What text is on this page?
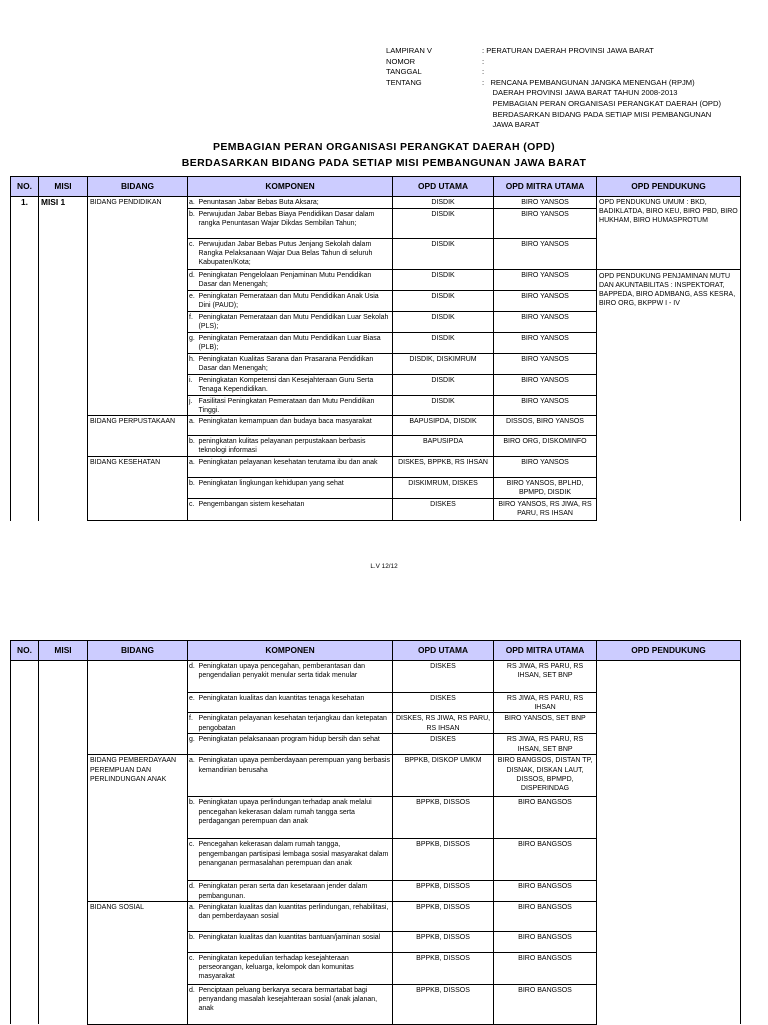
LAMPIRAN V	: PERATURAN DAERAH PROVINSI JAWA BARAT
NOMOR	:
TANGGAL	:
TENTANG	:   RENCANA PEMBANGUNAN JANGKA MENENGAH (RPJM)
DAERAH PROVINSI JAWA BARAT TAHUN 2008-2013
PEMBAGIAN PERAN ORGANISASI PERANGKAT DAERAH (OPD)
BERDASARKAN BIDANG PADA SETIAP MISI PEMBANGUNAN
JAWA BARAT
PEMBAGIAN PERAN ORGANISASI PERANGKAT DAERAH (OPD)
BERDASARKAN BIDANG PADA SETIAP MISI PEMBANGUNAN JAWA BARAT
NO.	MISI	BIDANG	KOMPONEN		OPD UTAMA	OPD MITRA UTAMA	OPD PENDUKUNG
1.	MISI 1	BIDANG PENDIDIKAN	a.	Penuntasan Jabar Bebas Buta Aksara;	DISDIK	BIRO YANSOS	OPD PENDUKUNG UMUM : BKD, BADIKLATDA, BIRO KEU, BIRO PBD, BIRO HUKHAM, BIRO HUMASPROTUM
			b.	Perwujudan Jabar Bebas Biaya Pendidikan Dasar dalam rangka Penuntasan Wajar Dikdas Sembilan Tahun;	DISDIK	BIRO YANSOS	
			c.	Perwujudan Jabar Bebas Putus Jenjang Sekolah dalam Rangka Pelaksanaan Wajar Dua Belas Tahun di seluruh Kabupaten/Kota;	DISDIK	BIRO YANSOS	
			d.	Peningkatan Pengelolaan Penjaminan Mutu Pendidikan Dasar dan Menengah;	DISDIK	BIRO YANSOS	OPD PENDUKUNG PENJAMINAN MUTU DAN AKUNTABILITAS : INSPEKTORAT, BAPPEDA, BIRO ADMBANG, ASS KESRA, BIRO ORG, BKPPW I - IV
			e.	Peningkatan Pemerataan dan Mutu Pendidikan Anak Usia Dini (PAUD);	DISDIK	BIRO YANSOS	
			f.	Peningkatan Pemerataan dan Mutu Pendidikan Luar Sekolah (PLS);	DISDIK	BIRO YANSOS	
			g.	Peningkatan Pemerataan dan Mutu Pendidikan Luar Biasa (PLB);	DISDIK	BIRO YANSOS	
			h.	Peningkatan Kualitas Sarana dan Prasarana Pendidikan Dasar dan Menengah;	DISDIK, DISKIMRUM	BIRO YANSOS	
			i.	Peningkatan Kompetensi dan Kesejahteraan Guru Serta Tenaga Kependidikan.	DISDIK	BIRO YANSOS	
			j.	Fasilitasi Peningkatan Pemerataan dan Mutu Pendidikan Tinggi.	DISDIK	BIRO YANSOS	
		BIDANG PERPUSTAKAAN	a.	Peningkatan kemampuan dan budaya baca masyarakat	BAPUSIPDA, DISDIK	DISSOS, BIRO YANSOS	
			b.	peningkatan kulitas pelayanan perpustakaan berbasis teknologi informasi	BAPUSIPDA	BIRO ORG, DISKOMINFO	
		BIDANG KESEHATAN	a.	Peningkatan pelayanan kesehatan terutama ibu dan anak	DISKES, BPPKB, RS IHSAN	BIRO YANSOS	
			b.	Peningkatan lingkungan kehidupan yang sehat	DISKIMRUM, DISKES	BIRO YANSOS, BPLHD, BPMPD, DISDIK	
			c.	Pengembangan sistem kesehatan	DISKES	BIRO YANSOS, RS JIWA, RS PARU, RS IHSAN	
L.V 12/12
NO.	MISI	BIDANG	KOMPONEN		OPD UTAMA	OPD MITRA UTAMA	OPD PENDUKUNG
			d.	Peningkatan upaya pencegahan, pemberantasan dan pengendalian penyakit menular serta tidak menular	DISKES	RS JIWA, RS PARU, RS IHSAN, SET BNP	
			e.	Peningkatan kualitas dan kuantitas tenaga kesehatan	DISKES	RS JIWA, RS PARU, RS IHSAN	
			f.	Peningkatan pelayanan kesehatan terjangkau dan ketepatan pengobatan	DISKES, RS JIWA, RS PARU, RS IHSAN	BIRO YANSOS, SET BNP	
			g.	Peningkatan pelaksanaan program hidup bersih dan sehat	DISKES	RS JIWA, RS PARU, RS IHSAN, SET BNP	
		BIDANG PEMBERDAYAAN PEREMPUAN DAN PERLINDUNGAN ANAK	a.	Peningkatan upaya pemberdayaan perempuan yang berbasis kemandirian berusaha	BPPKB, DISKOP UMKM	BIRO BANGSOS, DISTAN TP, DISNAK, DISKAN LAUT, DISSOS, BPMPD, DISPERINDAG	
			b.	Peningkatan upaya perlindungan terhadap anak melalui pencegahan kekerasan dalam rumah tangga serta perdagangan perempuan dan anak	BPPKB, DISSOS	BIRO BANGSOS	
			c.	Pencegahan kekerasan dalam rumah tangga, pengembangan partisipasi lembaga sosial masyarakat dalam penanganan permasalahan perempuan dan anak	BPPKB, DISSOS	BIRO BANGSOS	
			d.	Peningkatan peran serta dan kesetaraan jender dalam pembangunan.	BPPKB, DISSOS	BIRO BANGSOS	
		BIDANG SOSIAL	a.	Peningkatan kualitas dan kuantitas perlindungan, rehabilitasi, dan pemberdayaan sosial	BPPKB, DISSOS	BIRO BANGSOS	
			b.	Peningkatan kualitas dan kuantitas bantuan/jaminan sosial	BPPKB, DISSOS	BIRO BANGSOS	
			c.	Peningkatan kepedulian terhadap kesejahteraan perseorangan, keluarga, kelompok dan komunitas masyarakat	BPPKB, DISSOS	BIRO BANGSOS	
			d.	Penciptaan peluang berkarya secara bermartabat bagi penyandang masalah kesejahteraan sosial (anak jalanan, anak	BPPKB, DISSOS	BIRO BANGSOS	
